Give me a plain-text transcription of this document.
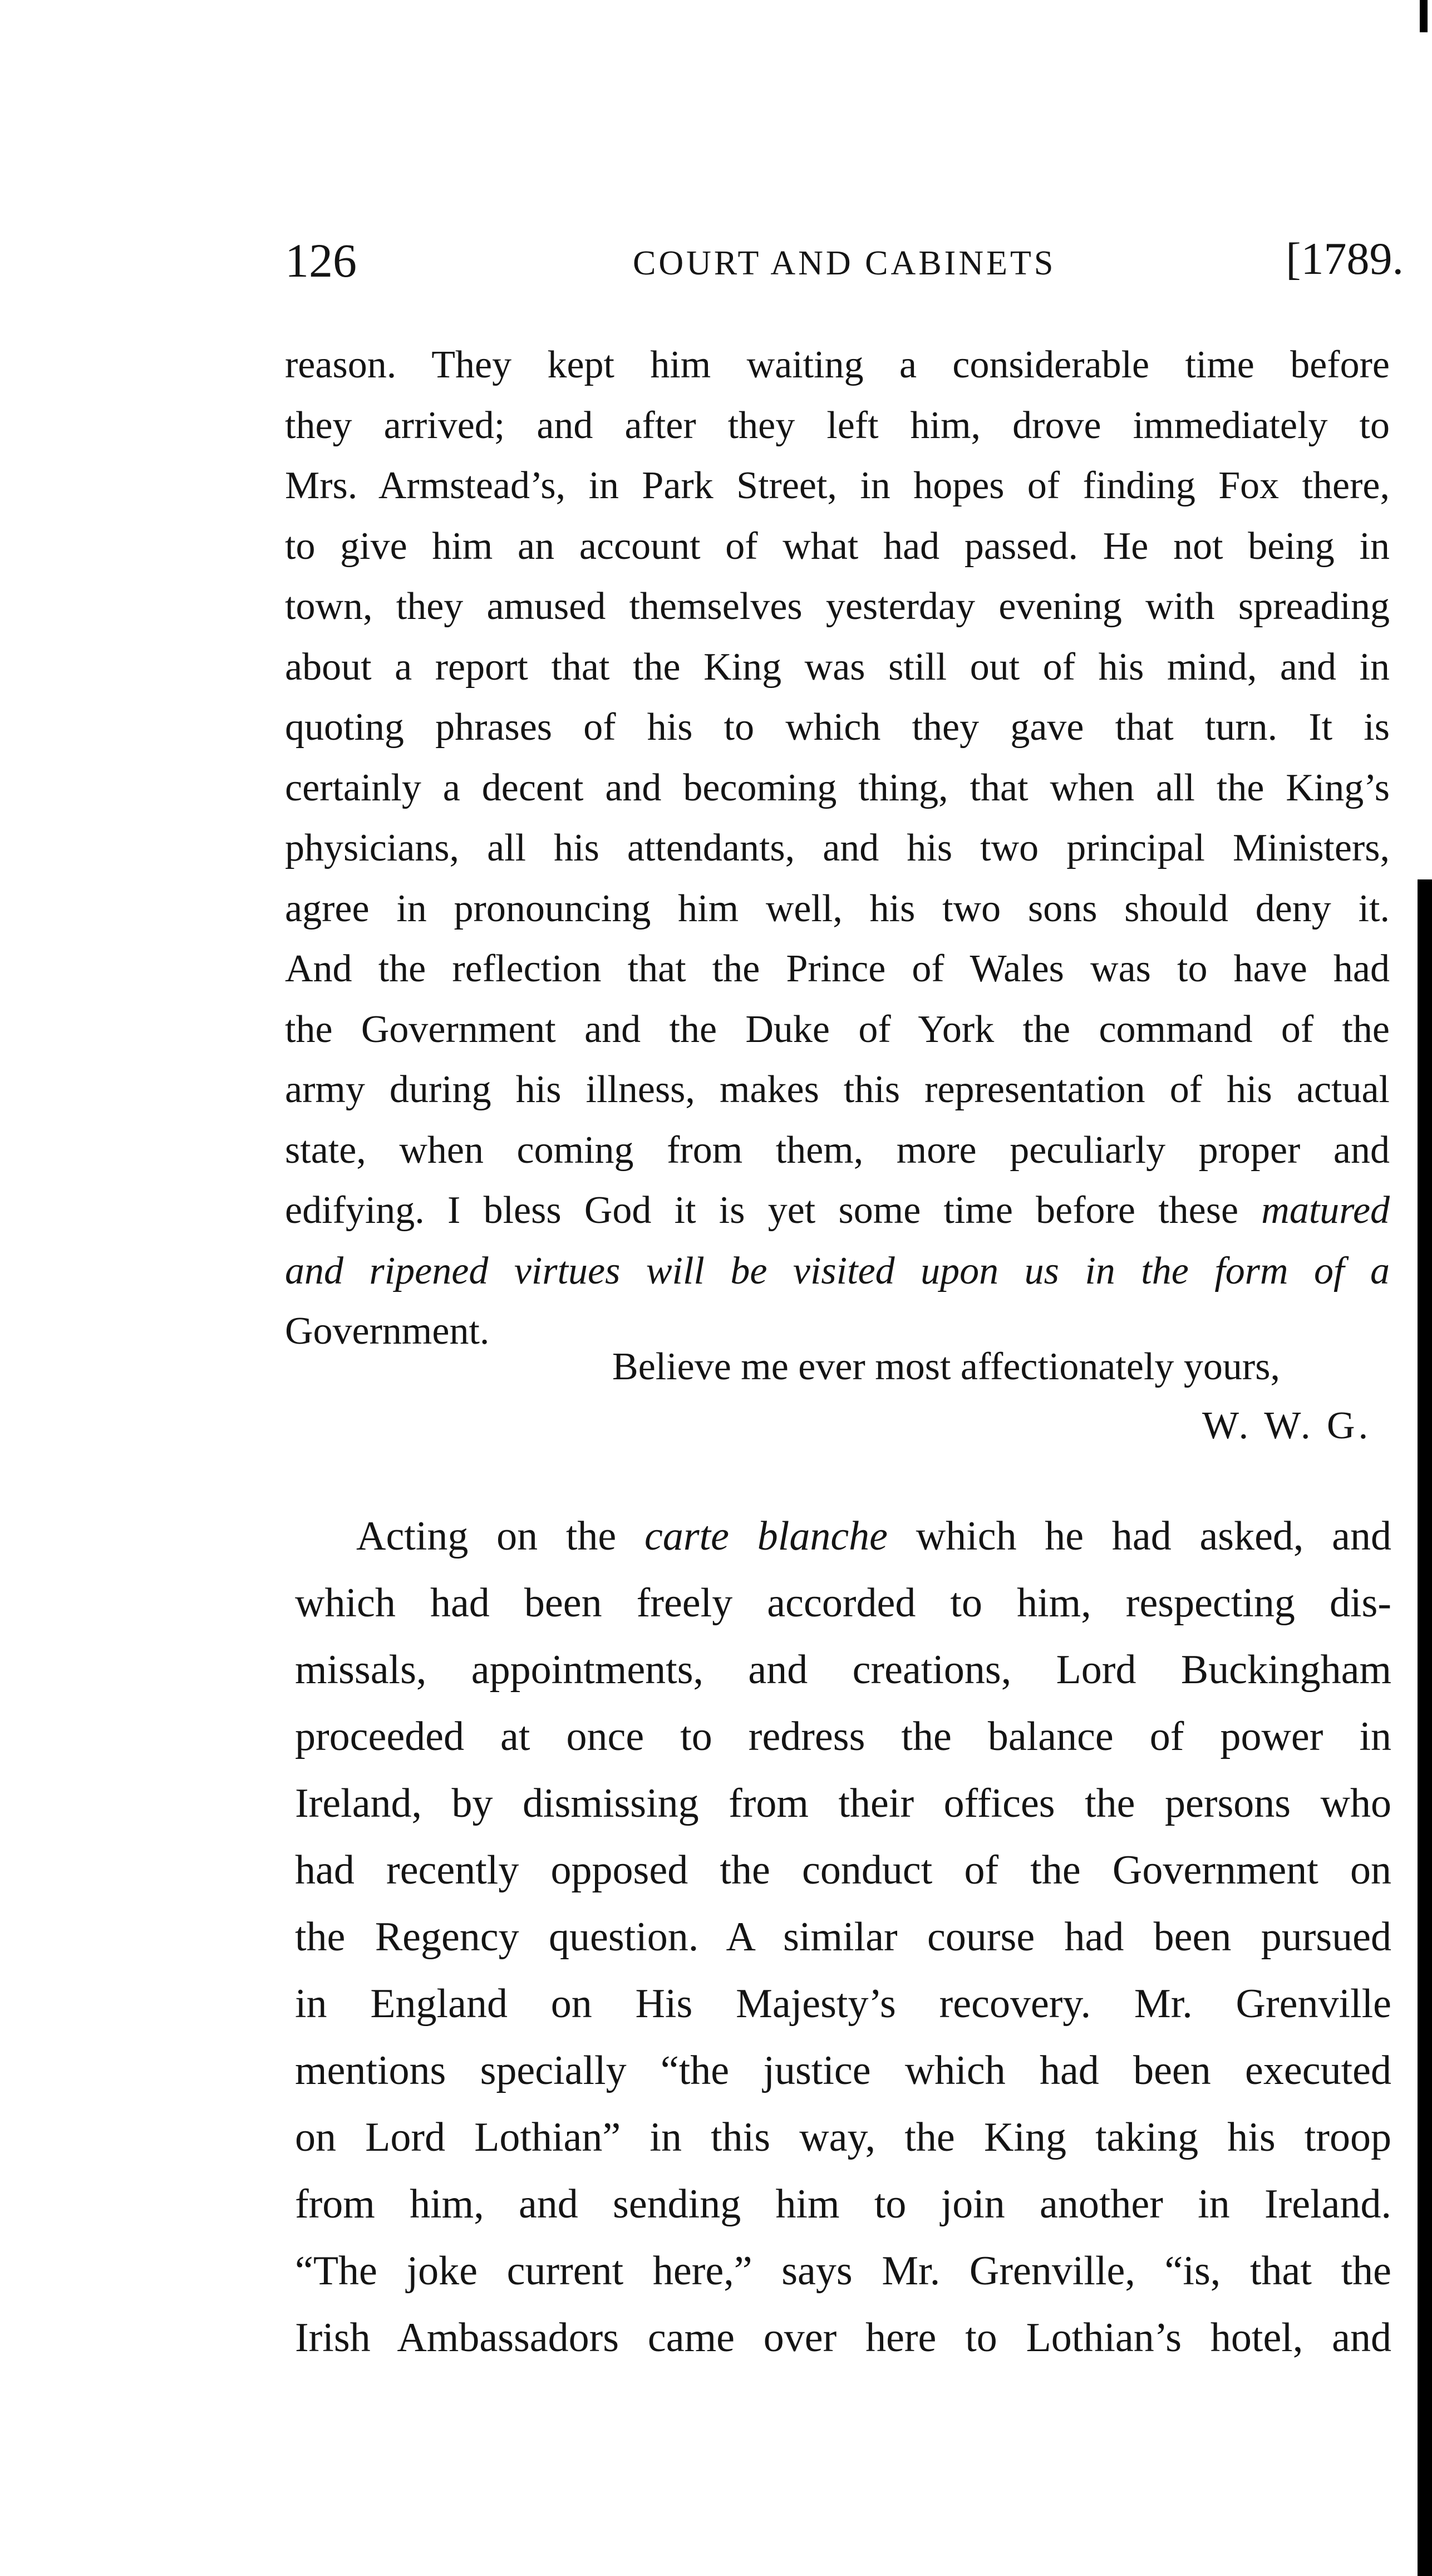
126	COURT AND CABINETS	[1789.
reason. They kept him waiting a considerable time before
they arrived; and after they left him, drove immediately to
Mrs. Armstead’s, in Park Street, in hopes of finding Fox there,
to give him an account of what had passed. He not being in
town, they amused themselves yesterday evening with spreading
about a report that the King was still out of his mind, and in
quoting phrases of his to which they gave that turn. It is
certainly a decent and becoming thing, that when all the King’s
physicians, all his attendants, and his two principal Ministers,
agree in pronouncing him well, his two sons should deny it.
And the reflection that the Prince of Wales was to have had
the Government and the Duke of York the command of the
army during his illness, makes this representation of his actual
state, when coming from them, more peculiarly proper and
edifying. I bless God it is yet some time before these matured
and ripened virtues will be visited upon us in the form of a
Government.
Believe me ever most affectionately yours,
W. W. G.
Acting on the carte blanche which he had asked, and
which had been freely accorded to him, respecting dis-
missals, appointments, and creations, Lord Buckingham
proceeded at once to redress the balance of power in
Ireland, by dismissing from their offices the persons who
had recently opposed the conduct of the Government on
the Regency question. A similar course had been pursued
in England on His Majesty’s recovery. Mr. Grenville
mentions specially “the justice which had been executed
on Lord Lothian” in this way, the King taking his troop
from him, and sending him to join another in Ireland.
“The joke current here,” says Mr. Grenville, “is, that the
Irish Ambassadors came over here to Lothian’s hotel, and
